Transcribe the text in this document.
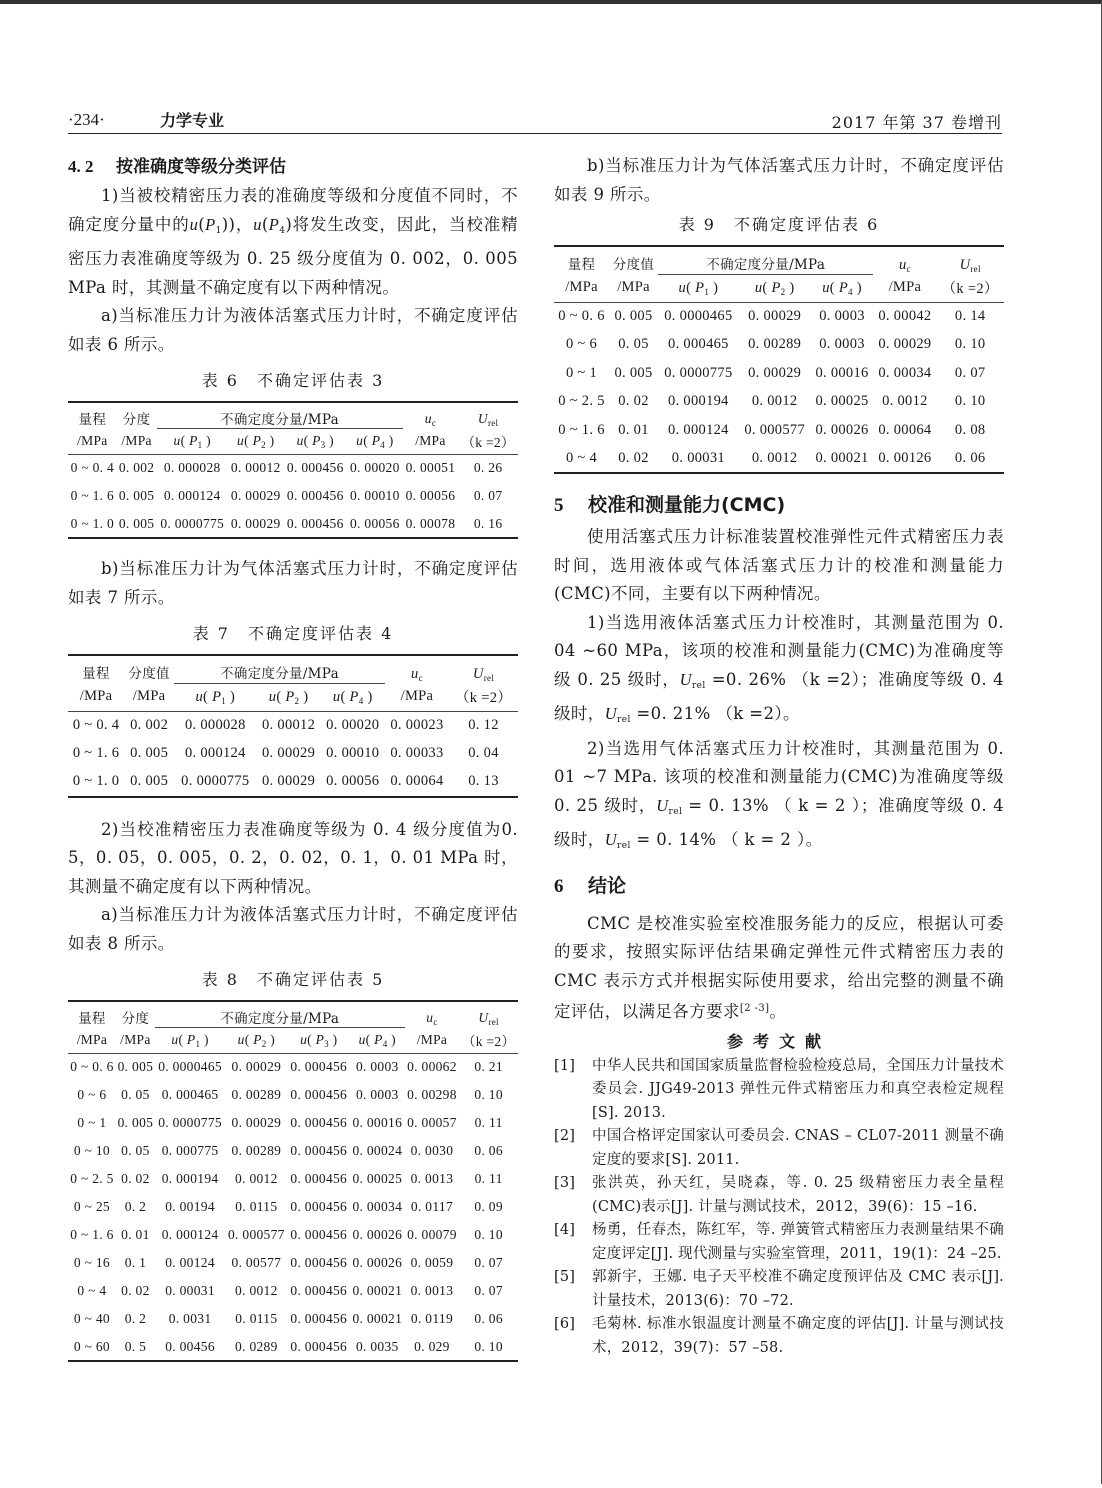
·234·	力学专业	2017 年第 37 卷增刊
4. 2 按准确度等级分类评估

1)当被校精密压力表的准确度等级和分度值不同时，不确定度分量中的$u(P_1)$)，$u(P_4)$将发生改变，因此，当校准精密压力表准确度等级为 0. 25 级分度值为 0. 002，0. 005 MPa 时，其测量不确定度有以下两种情况。

a)当标准压力计为液体活塞式压力计时，不确定度评估如表 6 所示。

表 6　不确定评估表 3
量程	分度	不确定度分量/MPa				$u_c$	$U_{rel}$
/MPa	/MPa	u( $P_1$ )	u( $P_2$ )	u( $P_3$ )	u( $P_4$ )	/MPa	（k =2）
0 ~ 0. 4	0. 002	0. 000028	0. 00012	0. 000456	0. 00020	0. 00051	0. 26
0 ~ 1. 6	0. 005	0. 000124	0. 00029	0. 000456	0. 00010	0. 00056	0. 07
0 ~ 1. 0	0. 005	0. 0000775	0. 00029	0. 000456	0. 00056	0. 00078	0. 16

b)当标准压力计为气体活塞式压力计时，不确定度评估如表 7 所示。

表 7　不确定度评估表 4
量程	分度值	不确定度分量/MPa			$u_c$	$U_{rel}$
/MPa	/MPa	u( $P_1$ )	u( $P_2$ )	u( $P_4$ )	/MPa	（k =2）
0 ~ 0. 4	0. 002	0. 000028	0. 00012	0. 00020	0. 00023	0. 12
0 ~ 1. 6	0. 005	0. 000124	0. 00029	0. 00010	0. 00033	0. 04
0 ~ 1. 0	0. 005	0. 0000775	0. 00029	0. 00056	0. 00064	0. 13

2)当校准精密压力表准确度等级为 0. 4 级分度值为0. 5，0. 05，0. 005，0. 2，0. 02，0. 1，0. 01 MPa 时，其测量不确定度有以下两种情况。

a)当标准压力计为液体活塞式压力计时，不确定度评估如表 8 所示。

表 8　不确定评估表 5
量程	分度	不确定度分量/MPa				$u_c$	$U_{rel}$
/MPa	/MPa	u( $P_1$ )	u( $P_2$ )	u( $P_3$ )	u( $P_4$ )	/MPa	（k =2）
0 ~ 0. 6	0. 005	0. 0000465	0. 00029	0. 000456	0. 0003	0. 00062	0. 21
0 ~ 6	0. 05	0. 000465	0. 00289	0. 000456	0. 0003	0. 00298	0. 10
0 ~ 1	0. 005	0. 0000775	0. 00029	0. 000456	0. 00016	0. 00057	0. 11
0 ~ 10	0. 05	0. 000775	0. 00289	0. 000456	0. 00024	0. 0030	0. 06
0 ~ 2. 5	0. 02	0. 000194	0. 0012	0. 000456	0. 00025	0. 0013	0. 11
0 ~ 25	0. 2	0. 00194	0. 0115	0. 000456	0. 00034	0. 0117	0. 09
0 ~ 1. 6	0. 01	0. 000124	0. 000577	0. 000456	0. 00026	0. 00079	0. 10
0 ~ 16	0. 1	0. 00124	0. 00577	0. 000456	0. 00026	0. 0059	0. 07
0 ~ 4	0. 02	0. 00031	0. 0012	0. 000456	0. 00021	0. 0013	0. 07
0 ~ 40	0. 2	0. 0031	0. 0115	0. 000456	0. 00021	0. 0119	0. 06
0 ~ 60	0. 5	0. 00456	0. 0289	0. 000456	0. 0035	0. 029	0. 10

b)当标准压力计为气体活塞式压力计时，不确定度评估如表 9 所示。

表 9　不确定度评估表 6
量程	分度值	不确定度分量/MPa			$u_c$	$U_{rel}$
/MPa	/MPa	u( $P_1$ )	u( $P_2$ )	u( $P_4$ )	/MPa	（k =2）
0 ~ 0. 6	0. 005	0. 0000465	0. 00029	0. 0003	0. 00042	0. 14
0 ~ 6	0. 05	0. 000465	0. 00289	0. 0003	0. 00029	0. 10
0 ~ 1	0. 005	0. 0000775	0. 00029	0. 00016	0. 00034	0. 07
0 ~ 2. 5	0. 02	0. 000194	0. 0012	0. 00025	0. 0012	0. 10
0 ~ 1. 6	0. 01	0. 000124	0. 000577	0. 00026	0. 00064	0. 08
0 ~ 4	0. 02	0. 00031	0. 0012	0. 00021	0. 00126	0. 06
5 校准和测量能力(CMC)

使用活塞式压力计标准装置校准弹性元件式精密压力表时间，选用液体或气体活塞式压力计的校准和测量能力(CMC)不同，主要有以下两种情况。

1)当选用液体活塞式压力计校准时，其测量范围为 0. 04 ~60 MPa，该项的校准和测量能力(CMC)为准确度等级 0. 25 级时，$U_{rel} =0$. 26% （k =2）；准确度等级 0. 4 级时，$U_{rel} =0$. 21% （k =2）。

2)当选用气体活塞式压力计校准时，其测量范围为 0. 01 ~7 MPa. 该项的校准和测量能力(CMC)为准确度等级 0. 25 级时，$U_{rel} = 0$. 13% （ k = 2 ）；准确度等级 0. 4 级时，$U_{rel} = 0$. 14% （ k = 2 ）。

6 结论

CMC 是校准实验室校准服务能力的反应，根据认可委的要求，按照实际评估结果确定弹性元件式精密压力表的 CMC 表示方式并根据实际使用要求，给出完整的测量不确定评估，以满足各方要求[2 -3]。

参考文献
[1] 中华人民共和国国家质量监督检验检疫总局，全国压力计量技术委员会. JJG49-2013 弹性元件式精密压力和真空表检定规程[S]. 2013.
[2] 中国合格评定国家认可委员会. CNAS – CL07-2011 测量不确定度的要求[S]. 2011.
[3] 张洪英，孙天红，吴晓森，等. 0. 25 级精密压力表全量程(CMC)表示[J]. 计量与测试技术，2012，39(6)：15 –16.
[4] 杨勇，任春杰，陈红军，等. 弹簧管式精密压力表测量结果不确定度评定[J]. 现代测量与实验室管理，2011，19(1)：24 –25.
[5] 郭新宇，王娜. 电子天平校准不确定度预评估及 CMC 表示[J]. 计量技术，2013(6)：70 –72.
[6] 毛菊林. 标准水银温度计测量不确定度的评估[J]. 计量与测试技术，2012，39(7)：57 –58.
